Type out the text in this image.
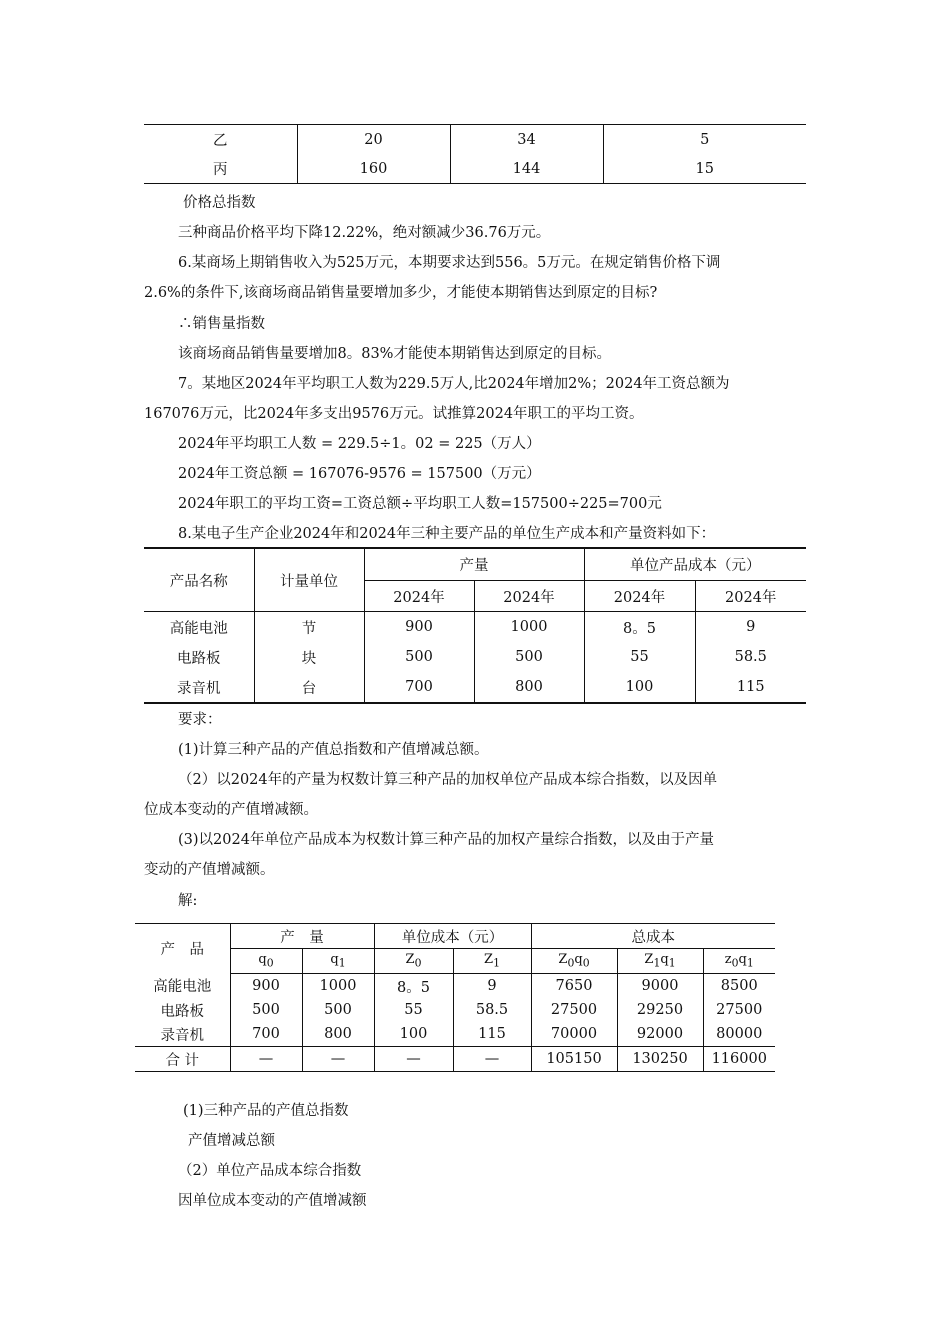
乙	20	34	5
丙	160	144	15
价格总指数
三种商品价格平均下降12.22%，绝对额减少36.76万元。
6.某商场上期销售收入为525万元，本期要求达到556。5万元。在规定销售价格下调
2.6%的条件下,该商场商品销售量要增加多少，才能使本期销售达到原定的目标?
∴销售量指数
该商场商品销售量要增加8。83%才能使本期销售达到原定的目标。
7。某地区2024年平均职工人数为229.5万人,比2024年增加2%；2024年工资总额为
167076万元，比2024年多支出9576万元。试推算2024年职工的平均工资。
2024年平均职工人数 = 229.5÷1。02 = 225（万人）
2024年工资总额 = 167076-9576 = 157500（万元）
2024年职工的平均工资=工资总额÷平均职工人数=157500÷225=700元
8.某电子生产企业2024年和2024年三种主要产品的单位生产成本和产量资料如下：
产品名称	计量单位	产量		单位产品成本（元）	
		2024年	2024年	2024年	2024年
高能电池	节	900	1000	8。5	9
电路板	块	500	500	55	58.5
录音机	台	700	800	100	115
要求：
(1)计算三种产品的产值总指数和产值增减总额。
（2）以2024年的产量为权数计算三种产品的加权单位产品成本综合指数，以及因单
位成本变动的产值增减额。
(3)以2024年单位产品成本为权数计算三种产品的加权产量综合指数，以及由于产量
变动的产值增减额。
解:
产　品	产　量		单位成本（元）		总成本		
	$q_0$	$q_1$	$Z_0$	$Z_1$	$Z_0q_0$	$Z_1q_1$	$z_0q_1$
高能电池	900	1000	8。5	9	7650	9000	8500
电路板	500	500	55	58.5	27500	29250	27500
录音机	700	800	100	115	70000	92000	80000
合 计	—	—	—	—	105150	130250	116000
(1)三种产品的产值总指数
产值增减总额
（2）单位产品成本综合指数
因单位成本变动的产值增减额
